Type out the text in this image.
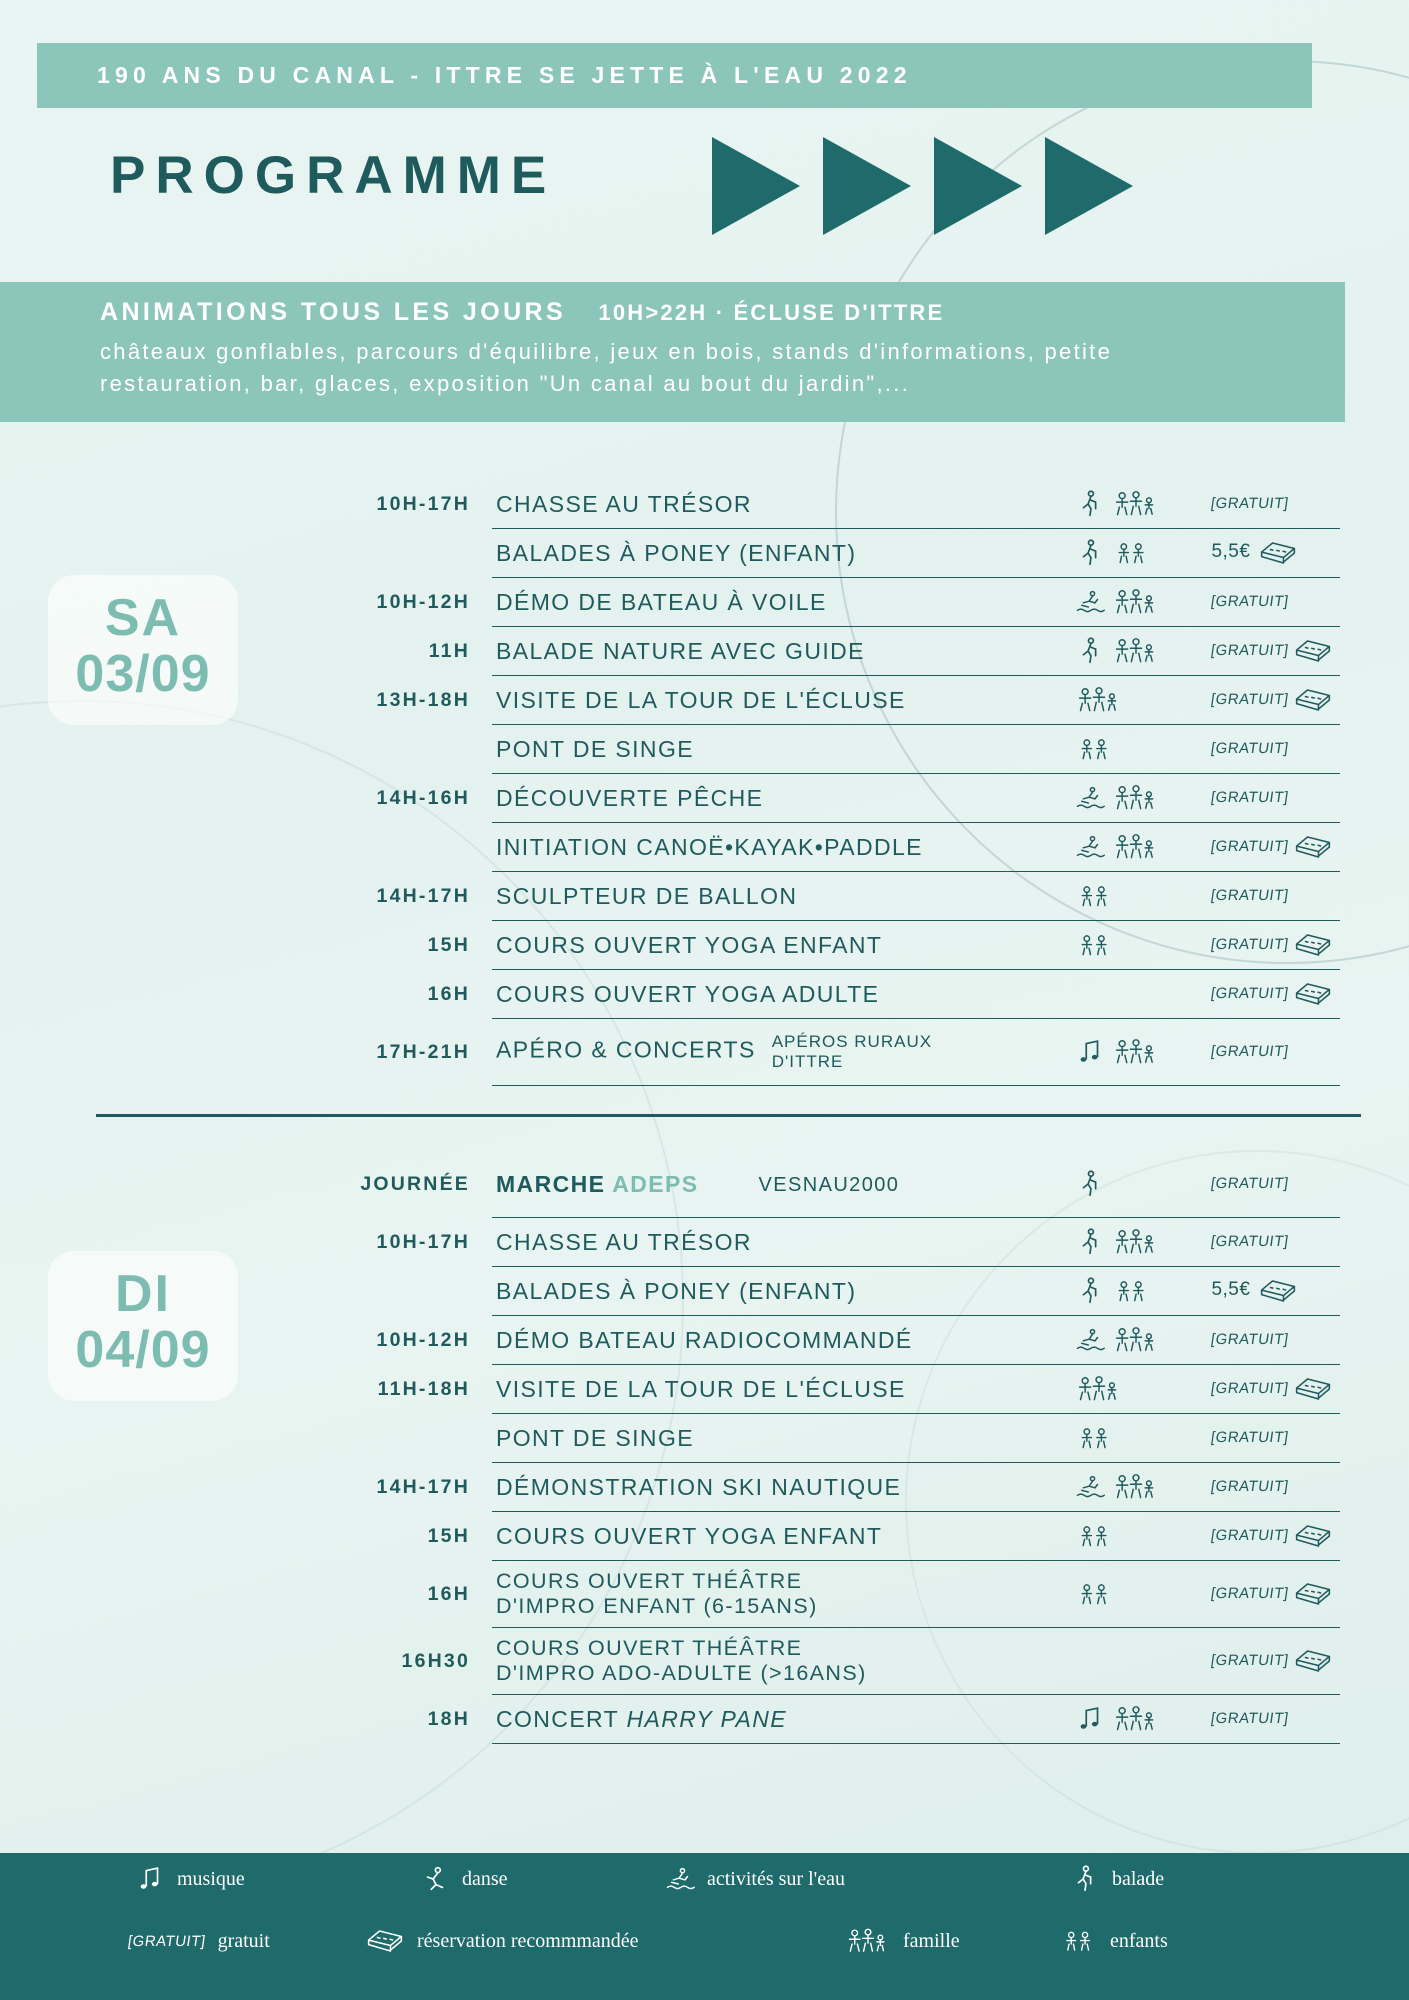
190 ANS DU CANAL - ITTRE SE JETTE À L'EAU 2022
PROGRAMME
ANIMATIONS TOUS LES JOURS 10H>22H · ÉCLUSE D'ITTRE
châteaux gonflables, parcours d'équilibre, jeux en bois, stands d'informations, petite restauration, bar, glaces, exposition "Un canal au bout du jardin",...
SA
03/09
10H-17H	CHASSE AU TRÉSOR		[GRATUIT]
	BALADES À PONEY (ENFANT)		5,5€

10H-12H	DÉMO DE BATEAU À VOILE		[GRATUIT]
11H	BALADE NATURE AVEC GUIDE		[GRATUIT]

13H-18H	VISITE DE LA TOUR DE L'ÉCLUSE		[GRATUIT]

	PONT DE SINGE		[GRATUIT]
14H-16H	DÉCOUVERTE PÊCHE		[GRATUIT]
	INITIATION CANOË•KAYAK•PADDLE		[GRATUIT]

14H-17H	SCULPTEUR DE BALLON		[GRATUIT]
15H	COURS OUVERT YOGA ENFANT		[GRATUIT]

16H	COURS OUVERT YOGA ADULTE		[GRATUIT]

17H-21H	APÉRO & CONCERTS APÉROS RURAUX
D'ITTRE		[GRATUIT]
DI
04/09
JOURNÉE	MARCHE ADEPS VESNAU2000		[GRATUIT]
10H-17H	CHASSE AU TRÉSOR		[GRATUIT]
	BALADES À PONEY (ENFANT)		5,5€

10H-12H	DÉMO BATEAU RADIOCOMMANDÉ		[GRATUIT]
11H-18H	VISITE DE LA TOUR DE L'ÉCLUSE		[GRATUIT]

	PONT DE SINGE		[GRATUIT]
14H-17H	DÉMONSTRATION SKI NAUTIQUE		[GRATUIT]
15H	COURS OUVERT YOGA ENFANT		[GRATUIT]

16H	COURS OUVERT THÉÂTRE
D'IMPRO ENFANT (6-15ANS)		[GRATUIT]

16H30	COURS OUVERT THÉÂTRE
D'IMPRO ADO-ADULTE (>16ANS)		[GRATUIT]

18H	CONCERT HARRY PANE		[GRATUIT]
musique	danse	activités sur l'eau	balade
[GRATUIT] gratuit	réservation recommmandée	famille	enfants
